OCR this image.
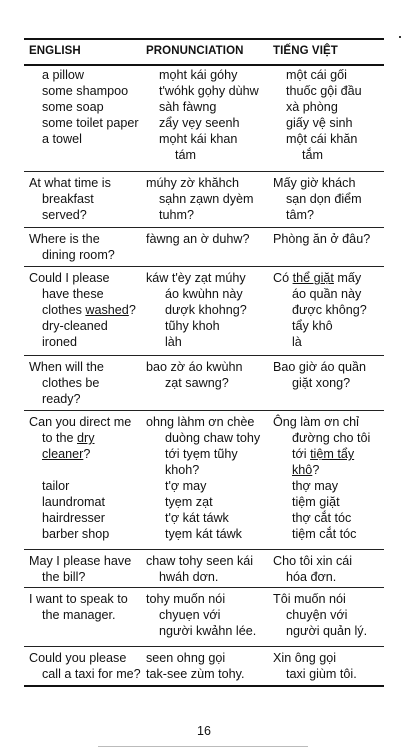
ENGLISH	PRONUNCIATION	TIẾNG VIỆT
a pillow
some shampoo
some soap
some toilet paper
a towel
mọht kái góhy
t'wóhk gọhy dùhw
sàh fàwng
zẩy vẹy seenh
mọht kái khan
tám
một cái gối
thuốc gội đầu
xà phòng
giấy vệ sinh
một cái khăn
tắm
At what time is
breakfast
served?
múhy zờ khăhch
sạhn zạwn dyèm
tuhm?
Mấy giờ khách
sạn dọn điểm
tâm?
Where is the
dining room?
fàwng an ờ duhw? Phòng ăn ở đâu?
Could I please
have these
clothes washed?
dry-cleaned
ironed
káw t'èy zạt múhy
áo kwùhn này
dượk khohng?
tũhy khoh
làh
Có thể giặt mấy
áo quần này
được không?
tẩy khô
là
When will the
clothes be
ready?
bao zờ áo kwùhn
zạt sawng?
Bao giờ áo quần
giặt xong?
Can you direct me
to the dry
cleaner?
tailor
laundromat
hairdresser
barber shop
ohng làhm ơn chèe
duòng chaw tohy
tới tyẹm tũhy
khoh?
t'ợ may
tyẹm zạt
t'ợ kát táwk
tyẹm kát táwk
Ông làm ơn chỉ
đường cho tôi
tới tiệm tẩy
khô?
thợ may
tiệm giặt
thợ cắt tóc
tiệm cắt tóc
May I please have
the bill?
chaw tohy seen kái
hwáh dơn.
Cho tôi xin cái
hóa đơn.
I want to speak to
the manager.
tohy muốn nói
chyuẹn với
người kwảhn lée.
Tôi muốn nói
chuyện với
người quản lý.
Could you please
call a taxi for me?
seen ohng gọi
tak-see zùm tohy.
Xin ông gọi
taxi giùm tôi.
16
